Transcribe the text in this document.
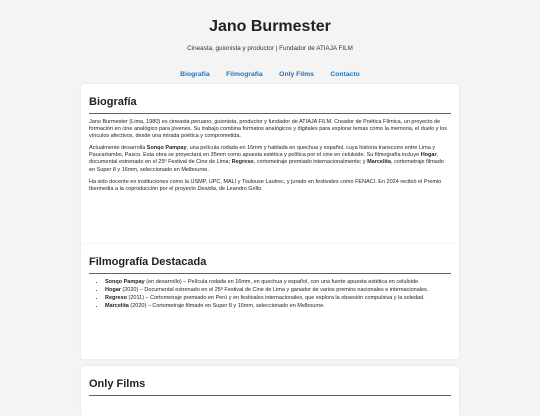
Jano Burmester

Cineasta, guionista y productor | Fundador de ATIAJA FILM

Biografía Filmografía Only Films Contacto
Biografía

Jano Burmester (Lima, 1980) es cineasta peruano, guionista, productor y fundador de ATIAJA FILM. Creador de Poética Fílmica, un proyecto de formación en cine analógico para jóvenes. Su trabajo combina formatos analógicos y digitales para explorar temas como la memoria, el duelo y los vínculos afectivos, desde una mirada poética y comprometida.

Actualmente desarrolla Sonqo Pampay, una película rodada en 16mm y hablada en quechua y español, cuya historia transcurre entre Lima y Paucartambo, Pasco. Esta obra se proyectará en 35mm como apuesta estética y política por el cine en celuloide. Su filmografía incluye Hogar, documental estrenado en el 25º Festival de Cine de Lima; Regreso, cortometraje premiado internacionalmente; y Marcelita, cortometraje filmado en Super 8 y 16mm, seleccionado en Melbourne.

Ha sido docente en instituciones como la USMP, UPC, MALI y Toulouse Lautrec, y jurado en festivales como FENACI. En 2024 recibió el Premio Ibermedia a la coproducción por el proyecto Desidia, de Leandro Grillo.

Filmografía Destacada
• Sonqo Pampay (en desarrollo) – Película rodada en 16mm, en quechua y español, con una fuerte apuesta estética en celuloide.
• Hogar (2020) – Documental estrenado en el 25º Festival de Cine de Lima y ganador de varios premios nacionales e internacionales.
• Regreso (2011) – Cortometraje premiado en Perú y en festivales internacionales, que explora la obsesión compulsiva y la soledad.
• Marcelita (2020) – Cortometraje filmado en Super 8 y 16mm, seleccionado en Melbourne.
Only Films
